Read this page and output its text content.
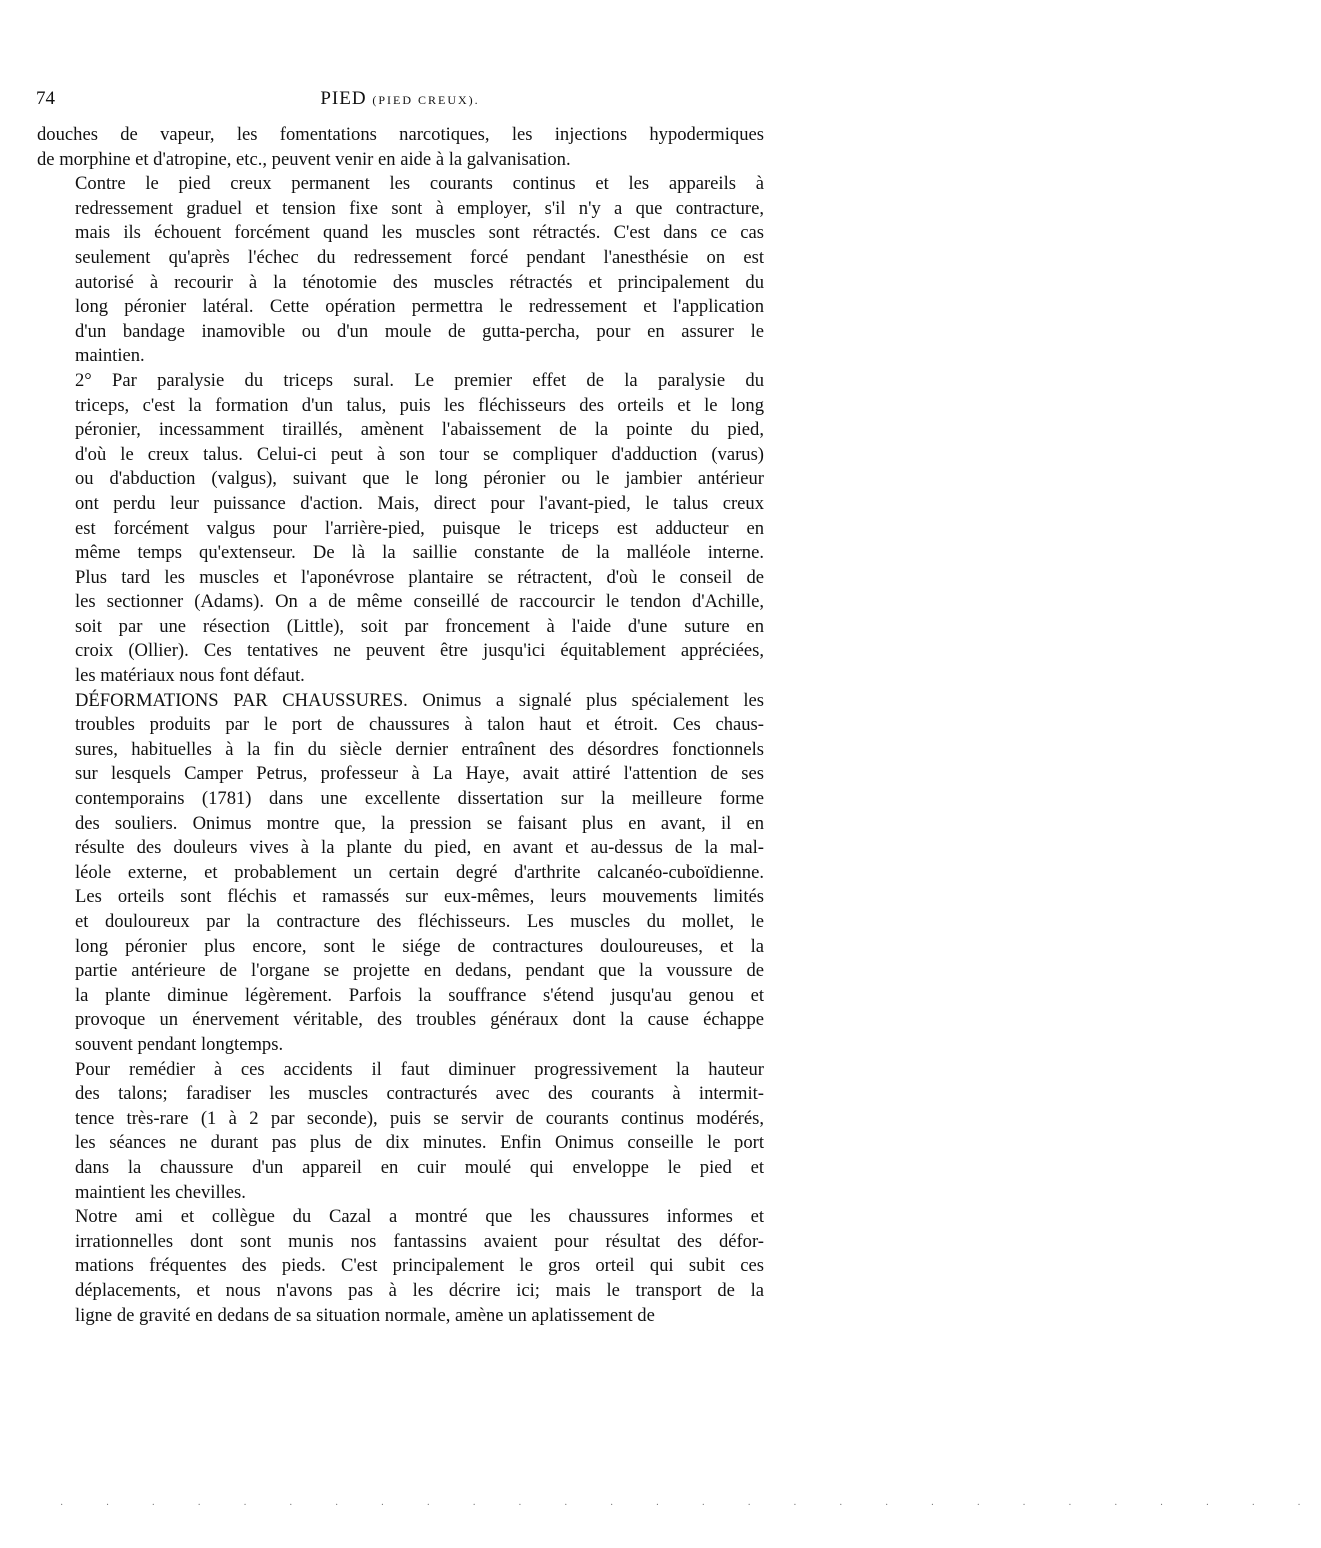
74	PIED (PIED CREUX).

douches de vapeur, les fomentations narcotiques, les injections hypodermiques
de morphine et d'atropine, etc., peuvent venir en aide à la galvanisation.

Contre le pied creux permanent les courants continus et les appareils à
redressement graduel et tension fixe sont à employer, s'il n'y a que contracture,
mais ils échouent forcément quand les muscles sont rétractés. C'est dans ce cas
seulement qu'après l'échec du redressement forcé pendant l'anesthésie on est
autorisé à recourir à la ténotomie des muscles rétractés et principalement du
long péronier latéral. Cette opération permettra le redressement et l'application
d'un bandage inamovible ou d'un moule de gutta-percha, pour en assurer le
maintien.

2° Par paralysie du triceps sural. Le premier effet de la paralysie du
triceps, c'est la formation d'un talus, puis les fléchisseurs des orteils et le long
péronier, incessamment tiraillés, amènent l'abaissement de la pointe du pied,
d'où le creux talus. Celui-ci peut à son tour se compliquer d'adduction (varus)
ou d'abduction (valgus), suivant que le long péronier ou le jambier antérieur
ont perdu leur puissance d'action. Mais, direct pour l'avant-pied, le talus creux
est forcément valgus pour l'arrière-pied, puisque le triceps est adducteur en
même temps qu'extenseur. De là la saillie constante de la malléole interne.
Plus tard les muscles et l'aponévrose plantaire se rétractent, d'où le conseil de
les sectionner (Adams). On a de même conseillé de raccourcir le tendon d'Achille,
soit par une résection (Little), soit par froncement à l'aide d'une suture en
croix (Ollier). Ces tentatives ne peuvent être jusqu'ici équitablement appréciées,
les matériaux nous font défaut.

DÉFORMATIONS PAR CHAUSSURES. Onimus a signalé plus spécialement les
troubles produits par le port de chaussures à talon haut et étroit. Ces chaus-
sures, habituelles à la fin du siècle dernier entraînent des désordres fonctionnels
sur lesquels Camper Petrus, professeur à La Haye, avait attiré l'attention de ses
contemporains (1781) dans une excellente dissertation sur la meilleure forme
des souliers. Onimus montre que, la pression se faisant plus en avant, il en
résulte des douleurs vives à la plante du pied, en avant et au-dessus de la mal-
léole externe, et probablement un certain degré d'arthrite calcanéo-cuboïdienne.
Les orteils sont fléchis et ramassés sur eux-mêmes, leurs mouvements limités
et douloureux par la contracture des fléchisseurs. Les muscles du mollet, le
long péronier plus encore, sont le siége de contractures douloureuses, et la
partie antérieure de l'organe se projette en dedans, pendant que la voussure de
la plante diminue légèrement. Parfois la souffrance s'étend jusqu'au genou et
provoque un énervement véritable, des troubles généraux dont la cause échappe
souvent pendant longtemps.

Pour remédier à ces accidents il faut diminuer progressivement la hauteur
des talons; faradiser les muscles contracturés avec des courants à intermit-
tence très-rare (1 à 2 par seconde), puis se servir de courants continus modérés,
les séances ne durant pas plus de dix minutes. Enfin Onimus conseille le port
dans la chaussure d'un appareil en cuir moulé qui enveloppe le pied et
maintient les chevilles.

Notre ami et collègue du Cazal a montré que les chaussures informes et
irrationnelles dont sont munis nos fantassins avaient pour résultat des défor-
mations fréquentes des pieds. C'est principalement le gros orteil qui subit ces
déplacements, et nous n'avons pas à les décrire ici; mais le transport de la
ligne de gravité en dedans de sa situation normale, amène un aplatissement de

· · · · · · · · · · · · · · · · · · · · · · · · · · · ·
